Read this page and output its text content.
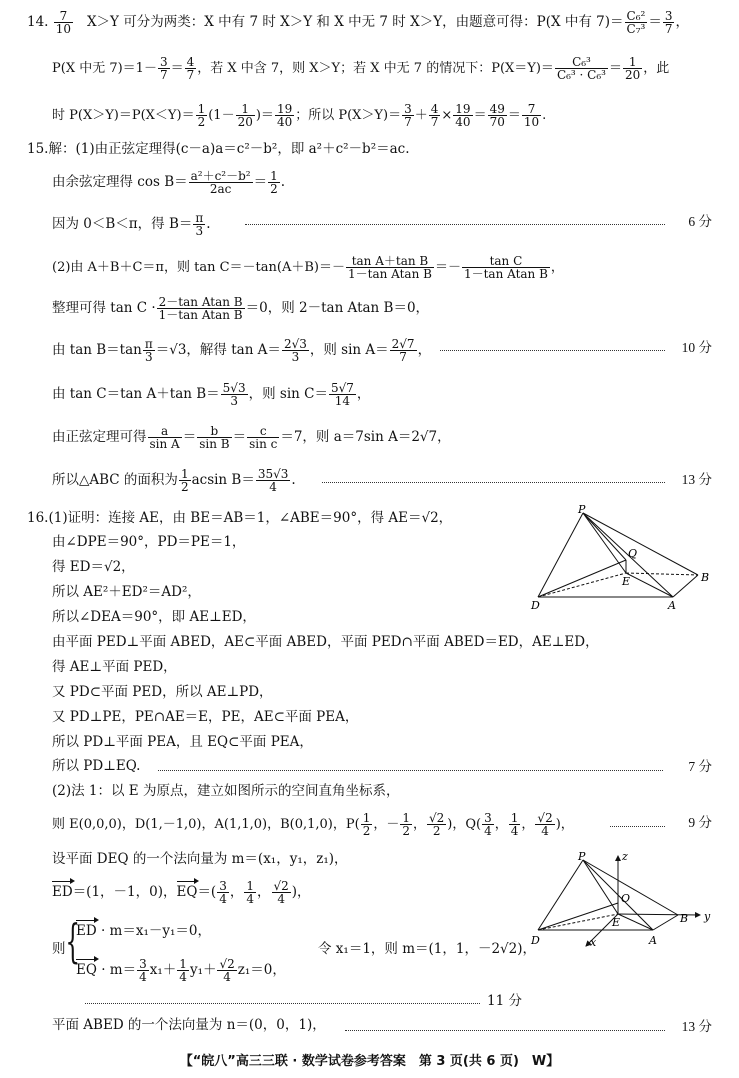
14. $\frac{7}{10} X>Y$ 可分为两类：X 中有 7 时 X＞Y 和 X 中无 7 时 X＞Y，由题意可得：P(X 中有 $7)= \frac{\text{C₆²}}{\text{C₇³}} = \frac{3}{7}$ ，
P(X 中无 $7)=1- \frac{3}{7} = \frac{4}{7}$ ，若 X 中含 7，则 X＞Y；若 X 中无 7 的情况下：$P(X=Y)= \frac{\text{C₆³}}{\text{C₆³ · C₆³}} = \frac{1}{20}$ ，此
时 $P(X>Y)=P(X<Y)= \frac{1}{2} (1- \frac{1}{20}$ )＝ $\frac{19}{40}$ ；所以 $P(X>Y)= \frac{3}{7} + \frac{4}{7} \times \frac{19}{40} = \frac{49}{70} = \frac{7}{10}$ .
15.解：(1)由正弦定理得(c－a)a＝c²－b²，即 a²＋c²－b²＝ac.
由余弦定理得 $\cos B= \frac{\text{a²＋c²－b²}}{2ac} = \frac{1}{2}$ .
因为 0＜B＜π，得 $B= \frac{\pi}{3}$ .	6 分
(2)由 A＋B＋C＝π，则 $\tan C=-\tan(A+B)=- \frac{\text{tan A＋tan B}}{\text{1－tan Atan B}} =- \frac{\text{tan C}}{\text{1－tan Atan B}}$ ，
整理可得 $\tan C \cdot \frac{\text{2－tan Atan B}}{\text{1－tan Atan B}} =0$，则 2－tan Atan B＝0，
由 $\tan B=\tan \frac{\pi}{3} =√3$，解得 $\tan A= \frac{2√3}{3}$ ，则 $\sin A= \frac{2√7}{7}$ ，	10 分
由 tan C＝tan A＋tan $B= \frac{5√3}{3}$ ，则 $\sin C= \frac{5√7}{14}$ ，
由正弦定理可得 $\frac{a}{\text{sin A}} = \frac{b}{\text{sin B}} = \frac{c}{\text{sin c}} =7$，则 a＝7sin A＝2√7，
所以△ABC 的面积为 $\frac{1}{2}$ acsin $B= \frac{35√3}{4}$ .	13 分
16.(1)证明：连接 AE，由 BE＝AB＝1，∠ABE＝90°，得 AE＝√2，
由∠DPE＝90°，PD＝PE＝1，
得 ED＝√2，
所以 AE²＋ED²＝AD²，
所以∠DEA＝90°，即 AE⊥ED，
由平面 PED⊥平面 ABED，AE⊂平面 ABED，平面 PED∩平面 ABED＝ED，AE⊥ED，
得 AE⊥平面 PED，
又 PD⊂平面 PED，所以 AE⊥PD，
又 PD⊥PE，PE∩AE＝E，PE，AE⊂平面 PEA，
所以 PD⊥平面 PEA，且 EQ⊂平面 PEA，
所以 PD⊥EQ.	7 分
(2)法 1：以 E 为原点，建立如图所示的空间直角坐标系，
则 E(0,0,0)，D(1,－1,0)，A(1,1,0)，B(0,1,0)，$P( \frac{1}{2}$ ，－ $\frac{1}{2}$ ， $\frac{√2}{2}$ )，$Q( \frac{3}{4}$ ， $\frac{1}{4}$ ， $\frac{√2}{4}$ )，	9 分
设平面 DEQ 的一个法向量为 m＝(x₁，y₁，z₁)，
ED＝(1，－1，0)，$EQ=( \frac{3}{4}$ ， $\frac{1}{4}$ ， $\frac{√2}{4}$ )，
则 {
ED · m＝x₁－y₁＝0，
EQ · $m= \frac{3}{4} x_1+ \frac{1}{4} y_1+ \frac{√2}{4} z_1=0$，
令 x₁＝1，则 m＝(1，1，－2√2)，
11 分
平面 ABED 的一个法向量为 n＝(0，0，1)，	13 分
P
Q
E	B
D	A
P
O
E	B
D	A
z
y
x
【“皖八”高三三联 · 数学试卷参考答案　第 3 页(共 6 页)　W】
